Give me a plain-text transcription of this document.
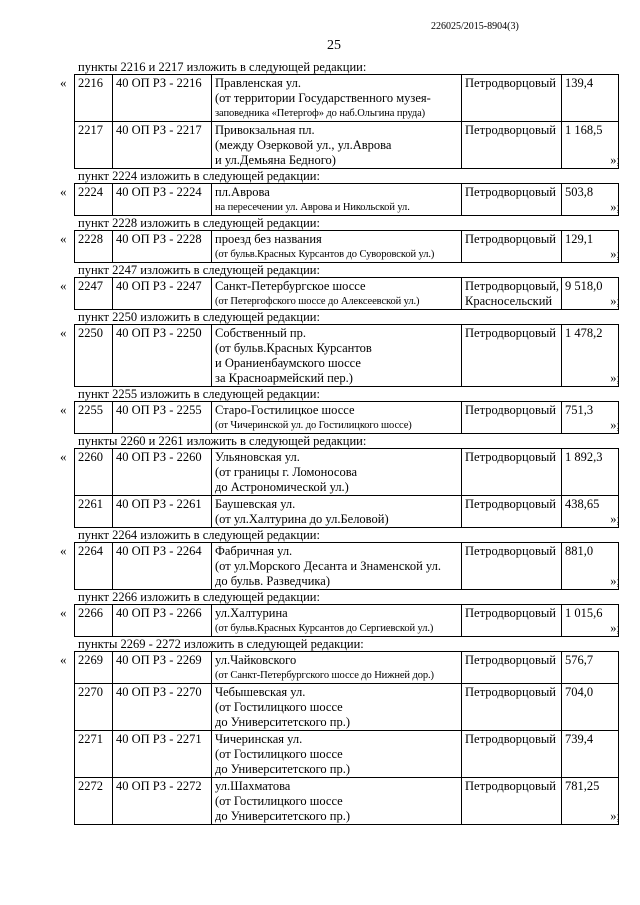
226025/2015-8904(3)
25
пункты 2216 и 2217 изложить в следующей редакции:
« 2216	40 ОП РЗ - 2216	Правленская ул.
(от территории Государственного музея-
заповедника «Петергоф» до наб.Ольгина пруда)	Петродворцовый	139,4
2217	40 ОП РЗ - 2217	Привокзальная пл.
(между Озерковой ул., ул.Аврова
и ул.Демьяна Бедного)	Петродворцовый	1 168,5
»;
пункт 2224 изложить в следующей редакции:
« 2224	40 ОП РЗ - 2224	пл.Аврова
на пересечении ул. Аврова и Никольской ул.

Петродворцовый	503,8
»;
пункт 2228 изложить в следующей редакции:
« 2228	40 ОП РЗ - 2228	проезд без названия
(от бульв.Красных Курсантов до Суворовской ул.)

Петродворцовый	129,1
»;
пункт 2247 изложить в следующей редакции:
« 2247	40 ОП РЗ - 2247	Санкт-Петербургское шоссе
(от Петергофского шоссе до Алексеевской ул.)

Петродворцовый,
Красносельский
	9 518,0
»;
пункт 2250 изложить в следующей редакции:
« 2250	40 ОП РЗ - 2250	Собственный пр.
(от бульв.Красных Курсантов
и Ораниенбаумского шоссе
за Красноармейский пер.)

Петродворцовый	1 478,2
»;
пункт 2255 изложить в следующей редакции:
« 2255	40 ОП РЗ - 2255	Старо-Гостилицкое шоссе
(от Чичеринской ул. до Гостилицкого шоссе)

Петродворцовый	751,3
»;
пункты 2260 и 2261 изложить в следующей редакции:
« 2260	40 ОП РЗ - 2260	Ульяновская ул.
(от границы г. Ломоносова
до Астрономической ул.)	Петродворцовый	1 892,3
2261	40 ОП РЗ - 2261	Баушевская ул.
(от ул.Халтурина до ул.Беловой)	Петродворцовый	438,65
»;
пункт 2264 изложить в следующей редакции:
« 2264	40 ОП РЗ - 2264	Фабричная ул.
(от ул.Морского Десанта и Знаменской ул.
до бульв. Разведчика)

Петродворцовый	881,0
»;
пункт 2266 изложить в следующей редакции:
« 2266	40 ОП РЗ - 2266	ул.Халтурина
(от бульв.Красных Курсантов до Сергиевской ул.)

Петродворцовый	1 015,6
»;
пункты 2269 - 2272 изложить в следующей редакции:
« 2269	40 ОП РЗ - 2269	ул.Чайковского
(от Санкт-Петербургского шоссе до Нижней дор.)	Петродворцовый	576,7
2270	40 ОП РЗ - 2270	Чебышевская ул.
(от Гостилицкого шоссе
до Университетского пр.)	Петродворцовый	704,0
2271	40 ОП РЗ - 2271	Чичеринская ул.
(от Гостилицкого шоссе
до Университетского пр.)	Петродворцовый	739,4
2272	40 ОП РЗ - 2272	ул.Шахматова
(от Гостилицкого шоссе
до Университетского пр.)	Петродворцовый	781,25
»;
